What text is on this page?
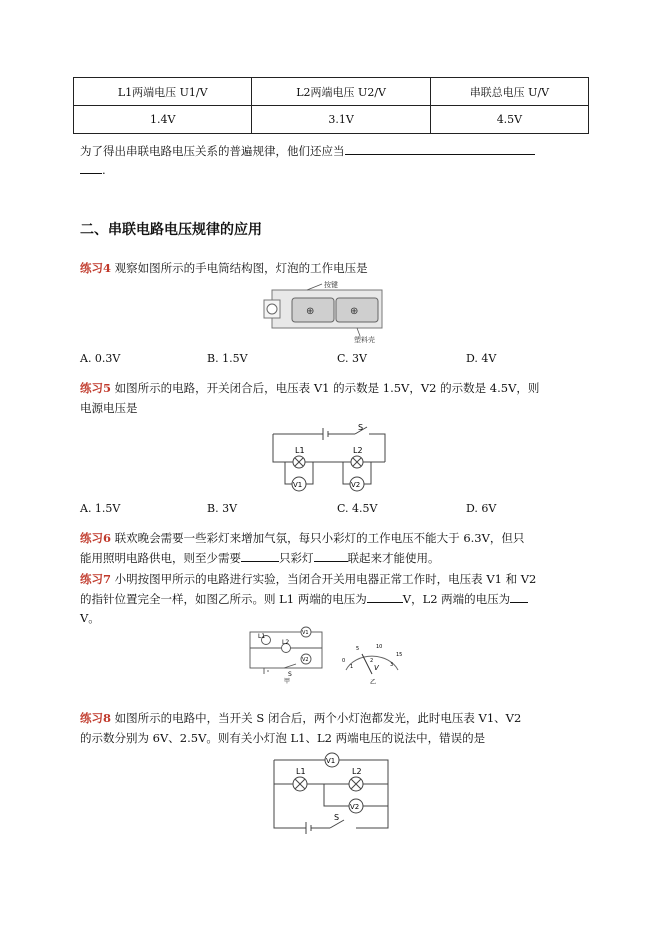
L1两端电压 U1/V	L2两端电压 U2/V	串联总电压 U/V
1.4V	3.1V	4.5V
为了得出串联电路电压关系的普遍规律，他们还应当
.
二、串联电路电压规律的应用
练习4 观察如图所示的手电筒结构图，灯泡的工作电压是
⊕	⊕
按键
塑料壳
A. 0.3V	B. 1.5V	C. 3V	D. 4V
练习5 如图所示的电路，开关闭合后，电压表 V1 的示数是 1.5V，V2 的示数是 4.5V，则
电源电压是
S
L1	L2
V1	V2
A. 1.5V	B. 3V	C. 4.5V	D. 6V
练习6 联欢晚会需要一些彩灯来增加气氛，每只小彩灯的工作电压不能大于 6.3V，但只
能用照明电路供电，则至少需要	只彩灯	联起来才能使用。
练习7 小明按图甲所示的电路进行实验，当闭合开关用电器正常工作时，电压表 V1 和 V2
的指针位置完全一样，如图乙所示。则 L1 两端的电压为	V，L2 两端的电压为
V。
L1
L2
V1
V2
S
甲
0
5	10
15
1
2
3
V
乙
练习8 如图所示的电路中，当开关 S 闭合后，两个小灯泡都发光，此时电压表 V1、V2
的示数分别为 6V、2.5V。则有关小灯泡 L1、L2 两端电压的说法中，错误的是
V1
L1	L2
V2
S
